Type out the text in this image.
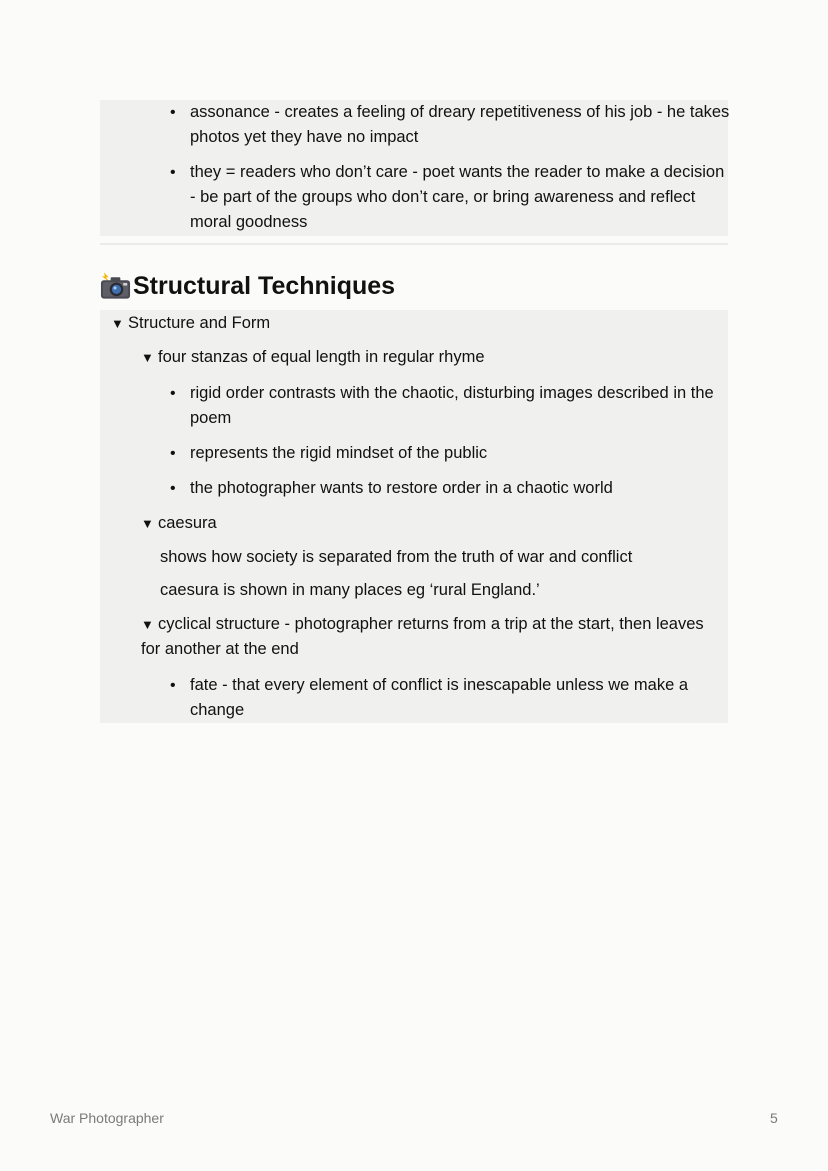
• assonance - creates a feeling of dreary repetitiveness of his job - he takes photos yet they have no impact
• they = readers who don’t care - poet wants the reader to make a decision - be part of the groups who don’t care, or bring awareness and reflect moral goodness
Structural Techniques
▼ Structure and Form
▼ four stanzas of equal length in regular rhyme
• rigid order contrasts with the chaotic, disturbing images described in the poem
• represents the rigid mindset of the public
• the photographer wants to restore order in a chaotic world
▼ caesura
shows how society is separated from the truth of war and conflict
caesura is shown in many places eg ‘rural England.’
▼ cyclical structure - photographer returns from a trip at the start, then leaves for another at the end
• fate - that every element of conflict is inescapable unless we make a change
War Photographer	5
